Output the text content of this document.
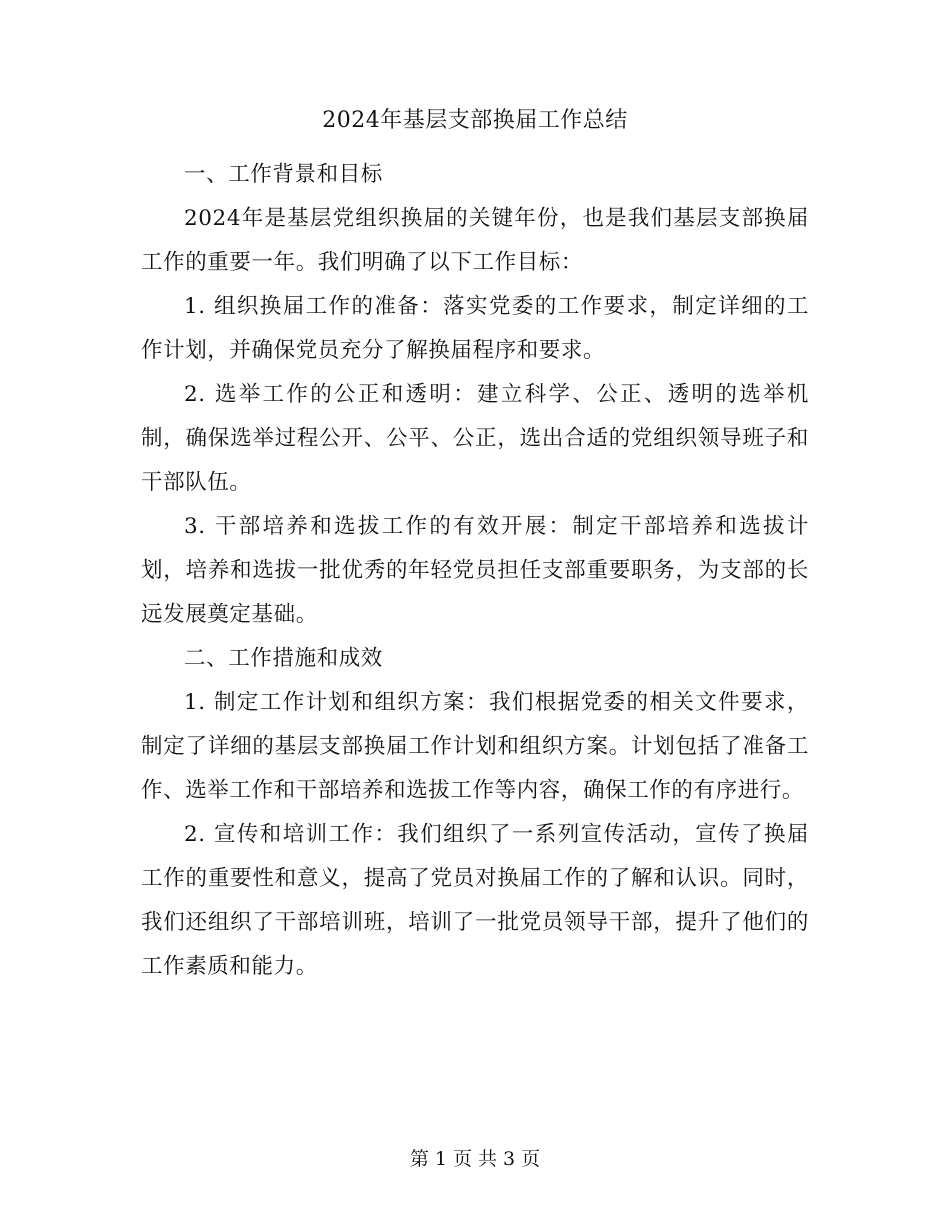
2024年基层支部换届工作总结

一、工作背景和目标

2024年是基层党组织换届的关键年份，也是我们基层支部换届工作的重要一年。我们明确了以下工作目标：

1. 组织换届工作的准备：落实党委的工作要求，制定详细的工作计划，并确保党员充分了解换届程序和要求。

2. 选举工作的公正和透明：建立科学、公正、透明的选举机制，确保选举过程公开、公平、公正，选出合适的党组织领导班子和干部队伍。

3. 干部培养和选拔工作的有效开展：制定干部培养和选拔计划，培养和选拔一批优秀的年轻党员担任支部重要职务，为支部的长远发展奠定基础。

二、工作措施和成效

1. 制定工作计划和组织方案：我们根据党委的相关文件要求，制定了详细的基层支部换届工作计划和组织方案。计划包括了准备工作、选举工作和干部培养和选拔工作等内容，确保工作的有序进行。

2. 宣传和培训工作：我们组织了一系列宣传活动，宣传了换届工作的重要性和意义，提高了党员对换届工作的了解和认识。同时，我们还组织了干部培训班，培训了一批党员领导干部，提升了他们的工作素质和能力。

第 1 页 共 3 页
